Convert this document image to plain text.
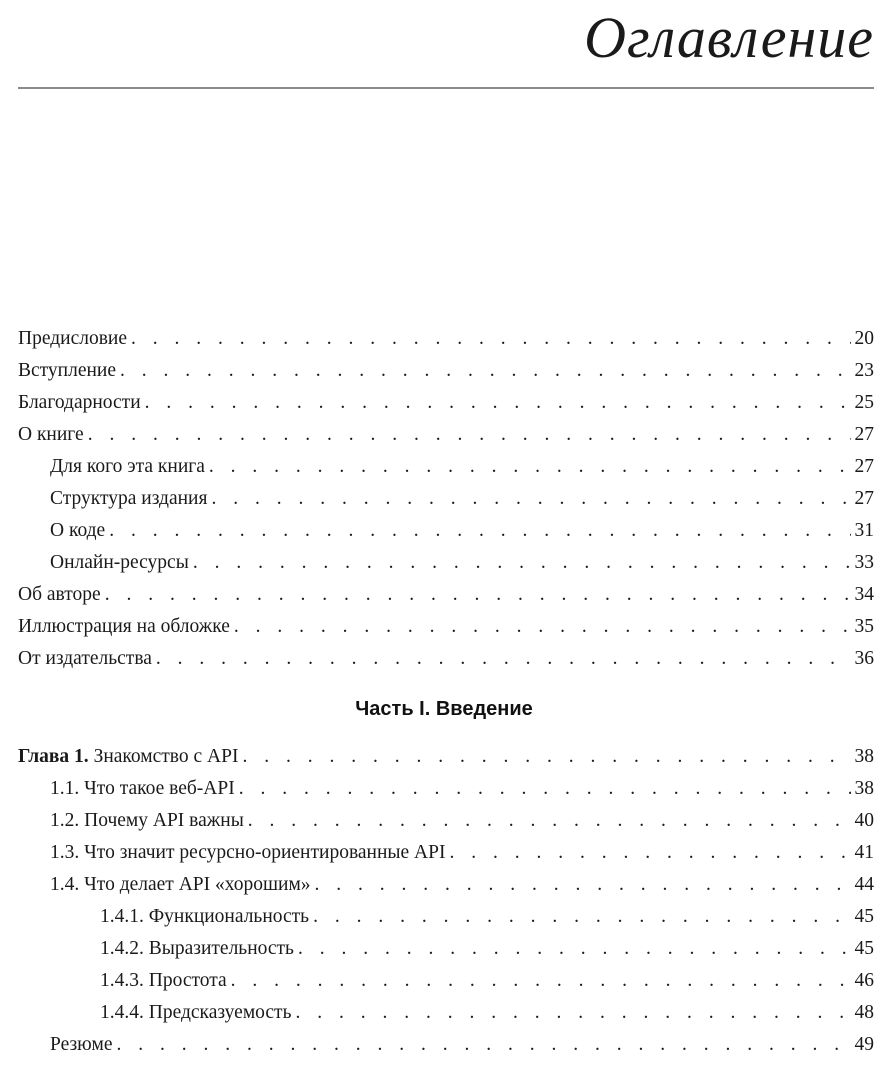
Оглавление
Предисловие . . .	20
Вступление . . .	23
Благодарности . . .	25
О книге . . .	27
Для кого эта книга . . .	27
Структура издания . . .	27
О коде . . .	31
Онлайн-ресурсы . . .	33
Об авторе . . .	34
Иллюстрация на обложке . . .	35
От издательства . . .	36
Часть I. Введение
Глава 1. Знакомство с API . . .	38
1.1. Что такое веб-API . . .	38
1.2. Почему API важны . . .	40
1.3. Что значит ресурсно-ориентированные API . . .	41
1.4. Что делает API «хорошим» . . .	44
1.4.1. Функциональность . . .	45
1.4.2. Выразительность . . .	45
1.4.3. Простота . . .	46
1.4.4. Предсказуемость . . .	48
Резюме . . .	49
